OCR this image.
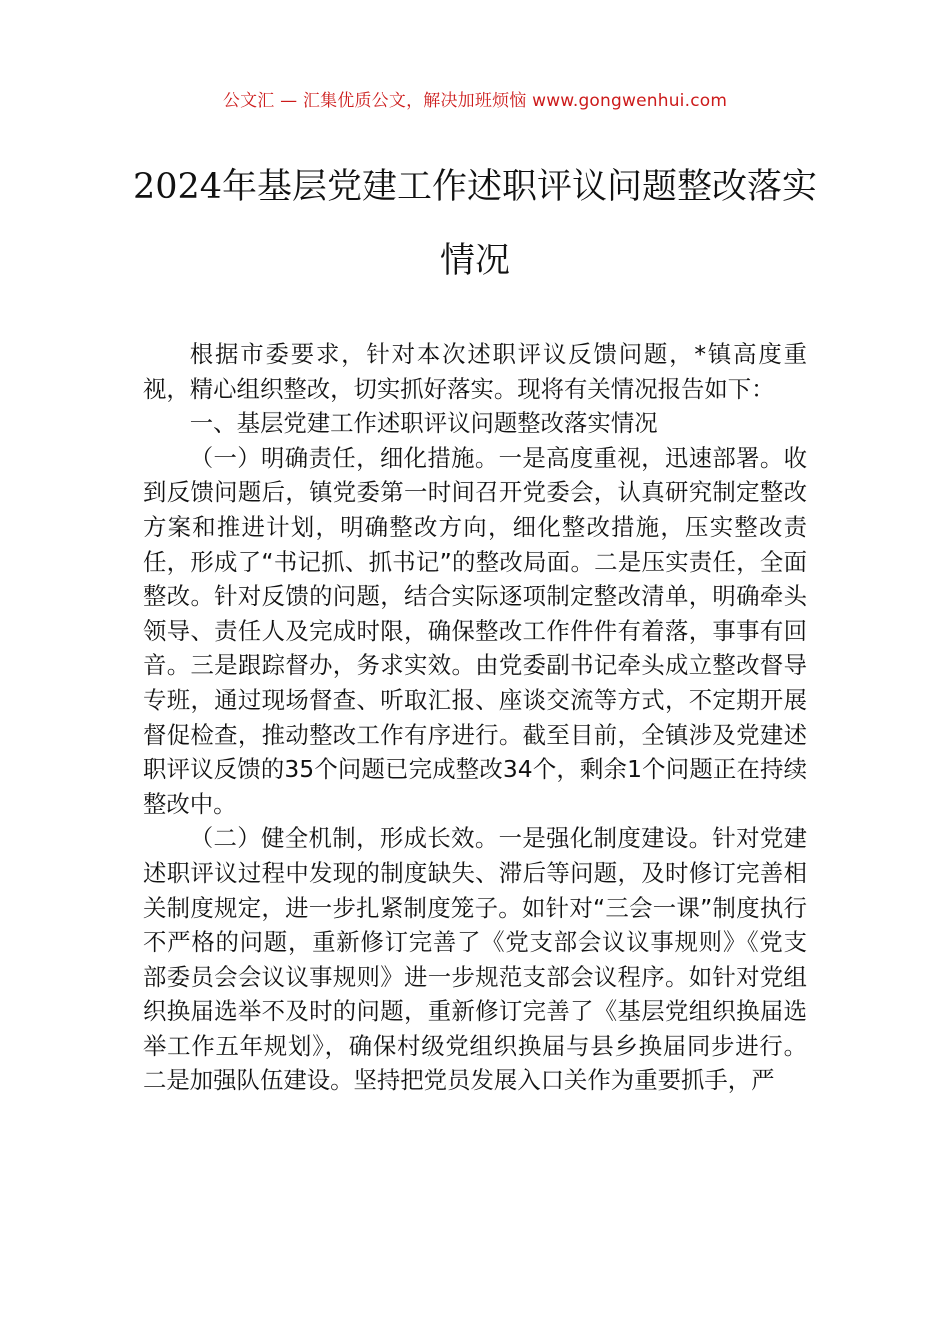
公文汇 — 汇集优质公文，解决加班烦恼 www.gongwenhui.com
2024年基层党建工作述职评议问题整改落实情况

根据市委要求，针对本次述职评议反馈问题，*镇高度重视，精心组织整改，切实抓好落实。现将有关情况报告如下：

一、基层党建工作述职评议问题整改落实情况

（一）明确责任，细化措施。一是高度重视，迅速部署。收到反馈问题后，镇党委第一时间召开党委会，认真研究制定整改方案和推进计划，明确整改方向，细化整改措施，压实整改责任，形成了“书记抓、抓书记”的整改局面。二是压实责任，全面整改。针对反馈的问题，结合实际逐项制定整改清单，明确牵头领导、责任人及完成时限，确保整改工作件件有着落，事事有回音。三是跟踪督办，务求实效。由党委副书记牵头成立整改督导专班，通过现场督查、听取汇报、座谈交流等方式，不定期开展督促检查，推动整改工作有序进行。截至目前，全镇涉及党建述职评议反馈的35个问题已完成整改34个，剩余1个问题正在持续整改中。

（二）健全机制，形成长效。一是强化制度建设。针对党建述职评议过程中发现的制度缺失、滞后等问题，及时修订完善相关制度规定，进一步扎紧制度笼子。如针对“三会一课”制度执行不严格的问题，重新修订完善了《党支部会议议事规则》《党支部委员会会议议事规则》进一步规范支部会议程序。如针对党组织换届选举不及时的问题，重新修订完善了《基层党组织换届选举工作五年规划》，确保村级党组织换届与县乡换届同步进行。二是加强队伍建设。坚持把党员发展入口关作为重要抓手，严
